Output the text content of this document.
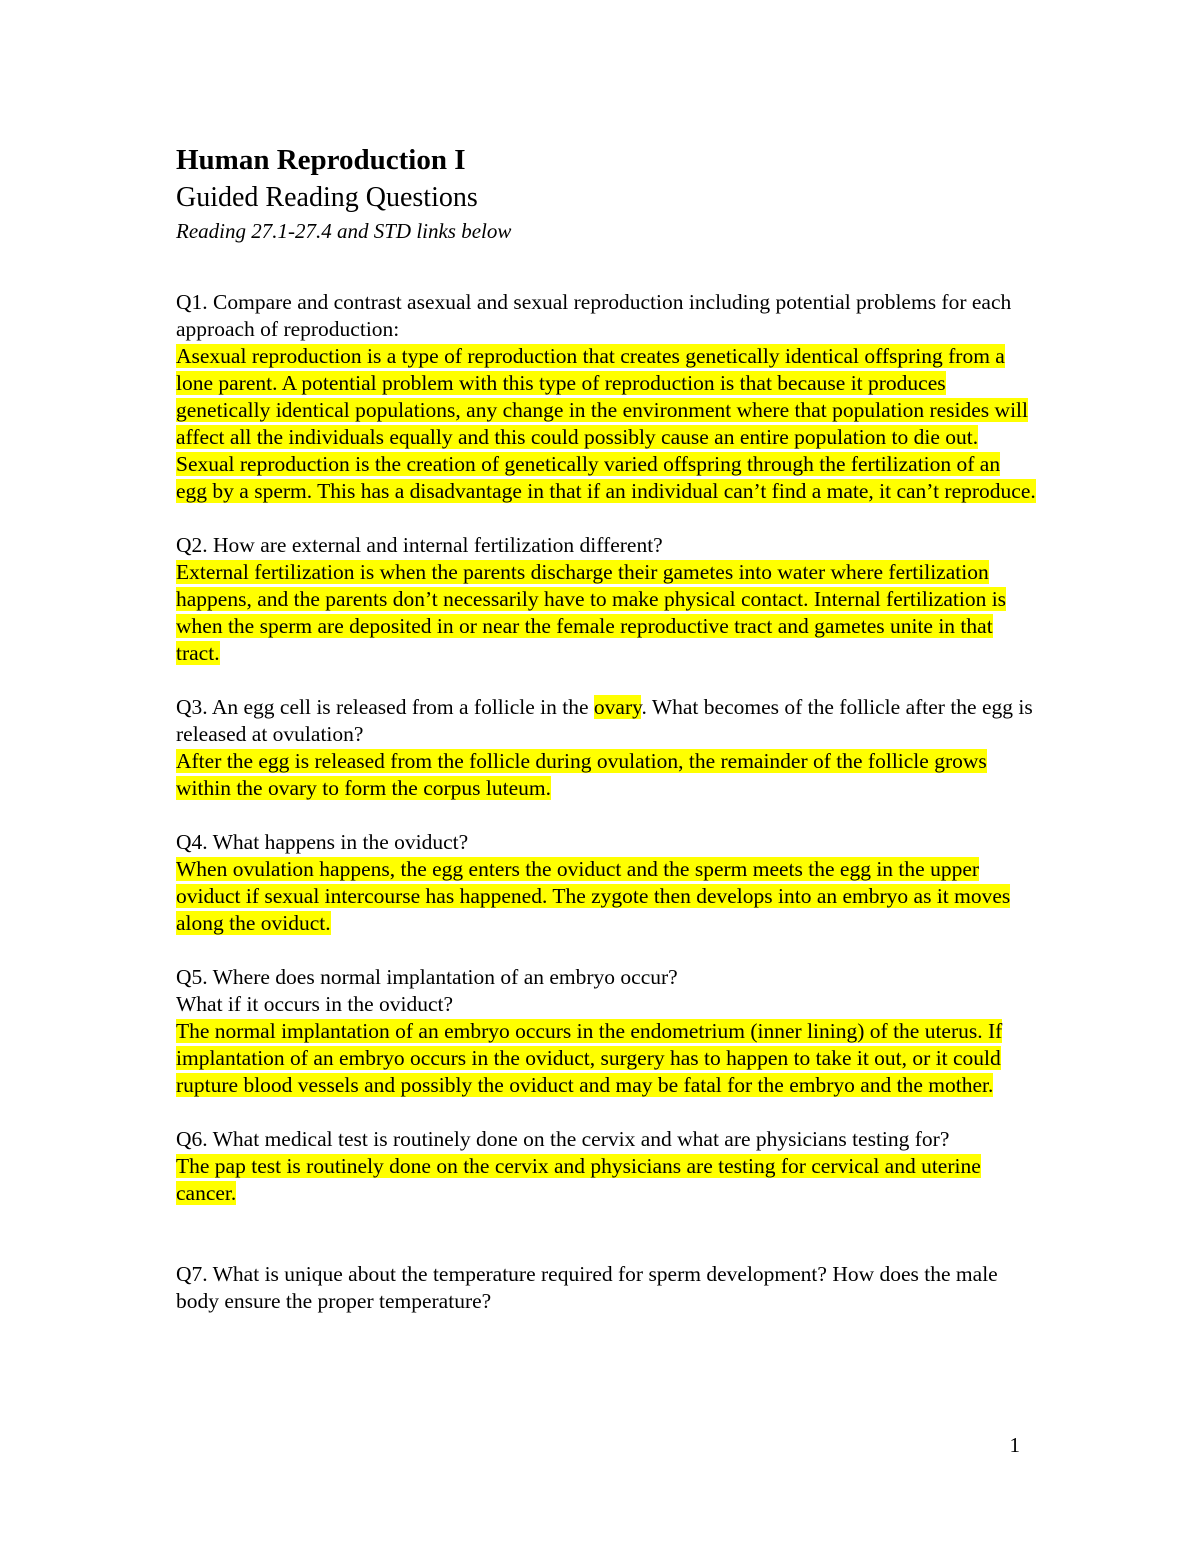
Human Reproduction I

Guided Reading Questions

Reading 27.1-27.4 and STD links below

Q1. Compare and contrast asexual and sexual reproduction including potential problems for each approach of reproduction:

Asexual reproduction is a type of reproduction that creates genetically identical offspring from a lone parent. A potential problem with this type of reproduction is that because it produces genetically identical populations, any change in the environment where that population resides will affect all the individuals equally and this could possibly cause an entire population to die out. Sexual reproduction is the creation of genetically varied offspring through the fertilization of an egg by a sperm. This has a disadvantage in that if an individual can’t find a mate, it can’t reproduce.

Q2. How are external and internal fertilization different?

External fertilization is when the parents discharge their gametes into water where fertilization happens, and the parents don’t necessarily have to make physical contact. Internal fertilization is when the sperm are deposited in or near the female reproductive tract and gametes unite in that tract.

Q3. An egg cell is released from a follicle in the ovary. What becomes of the follicle after the egg is released at ovulation?

After the egg is released from the follicle during ovulation, the remainder of the follicle grows within the ovary to form the corpus luteum.

Q4. What happens in the oviduct?

When ovulation happens, the egg enters the oviduct and the sperm meets the egg in the upper oviduct if sexual intercourse has happened. The zygote then develops into an embryo as it moves along the oviduct.

Q5. Where does normal implantation of an embryo occur?

What if it occurs in the oviduct?

The normal implantation of an embryo occurs in the endometrium (inner lining) of the uterus. If implantation of an embryo occurs in the oviduct, surgery has to happen to take it out, or it could rupture blood vessels and possibly the oviduct and may be fatal for the embryo and the mother.

Q6. What medical test is routinely done on the cervix and what are physicians testing for?

The pap test is routinely done on the cervix and physicians are testing for cervical and uterine cancer.

Q7. What is unique about the temperature required for sperm development? How does the male body ensure the proper temperature?

1
